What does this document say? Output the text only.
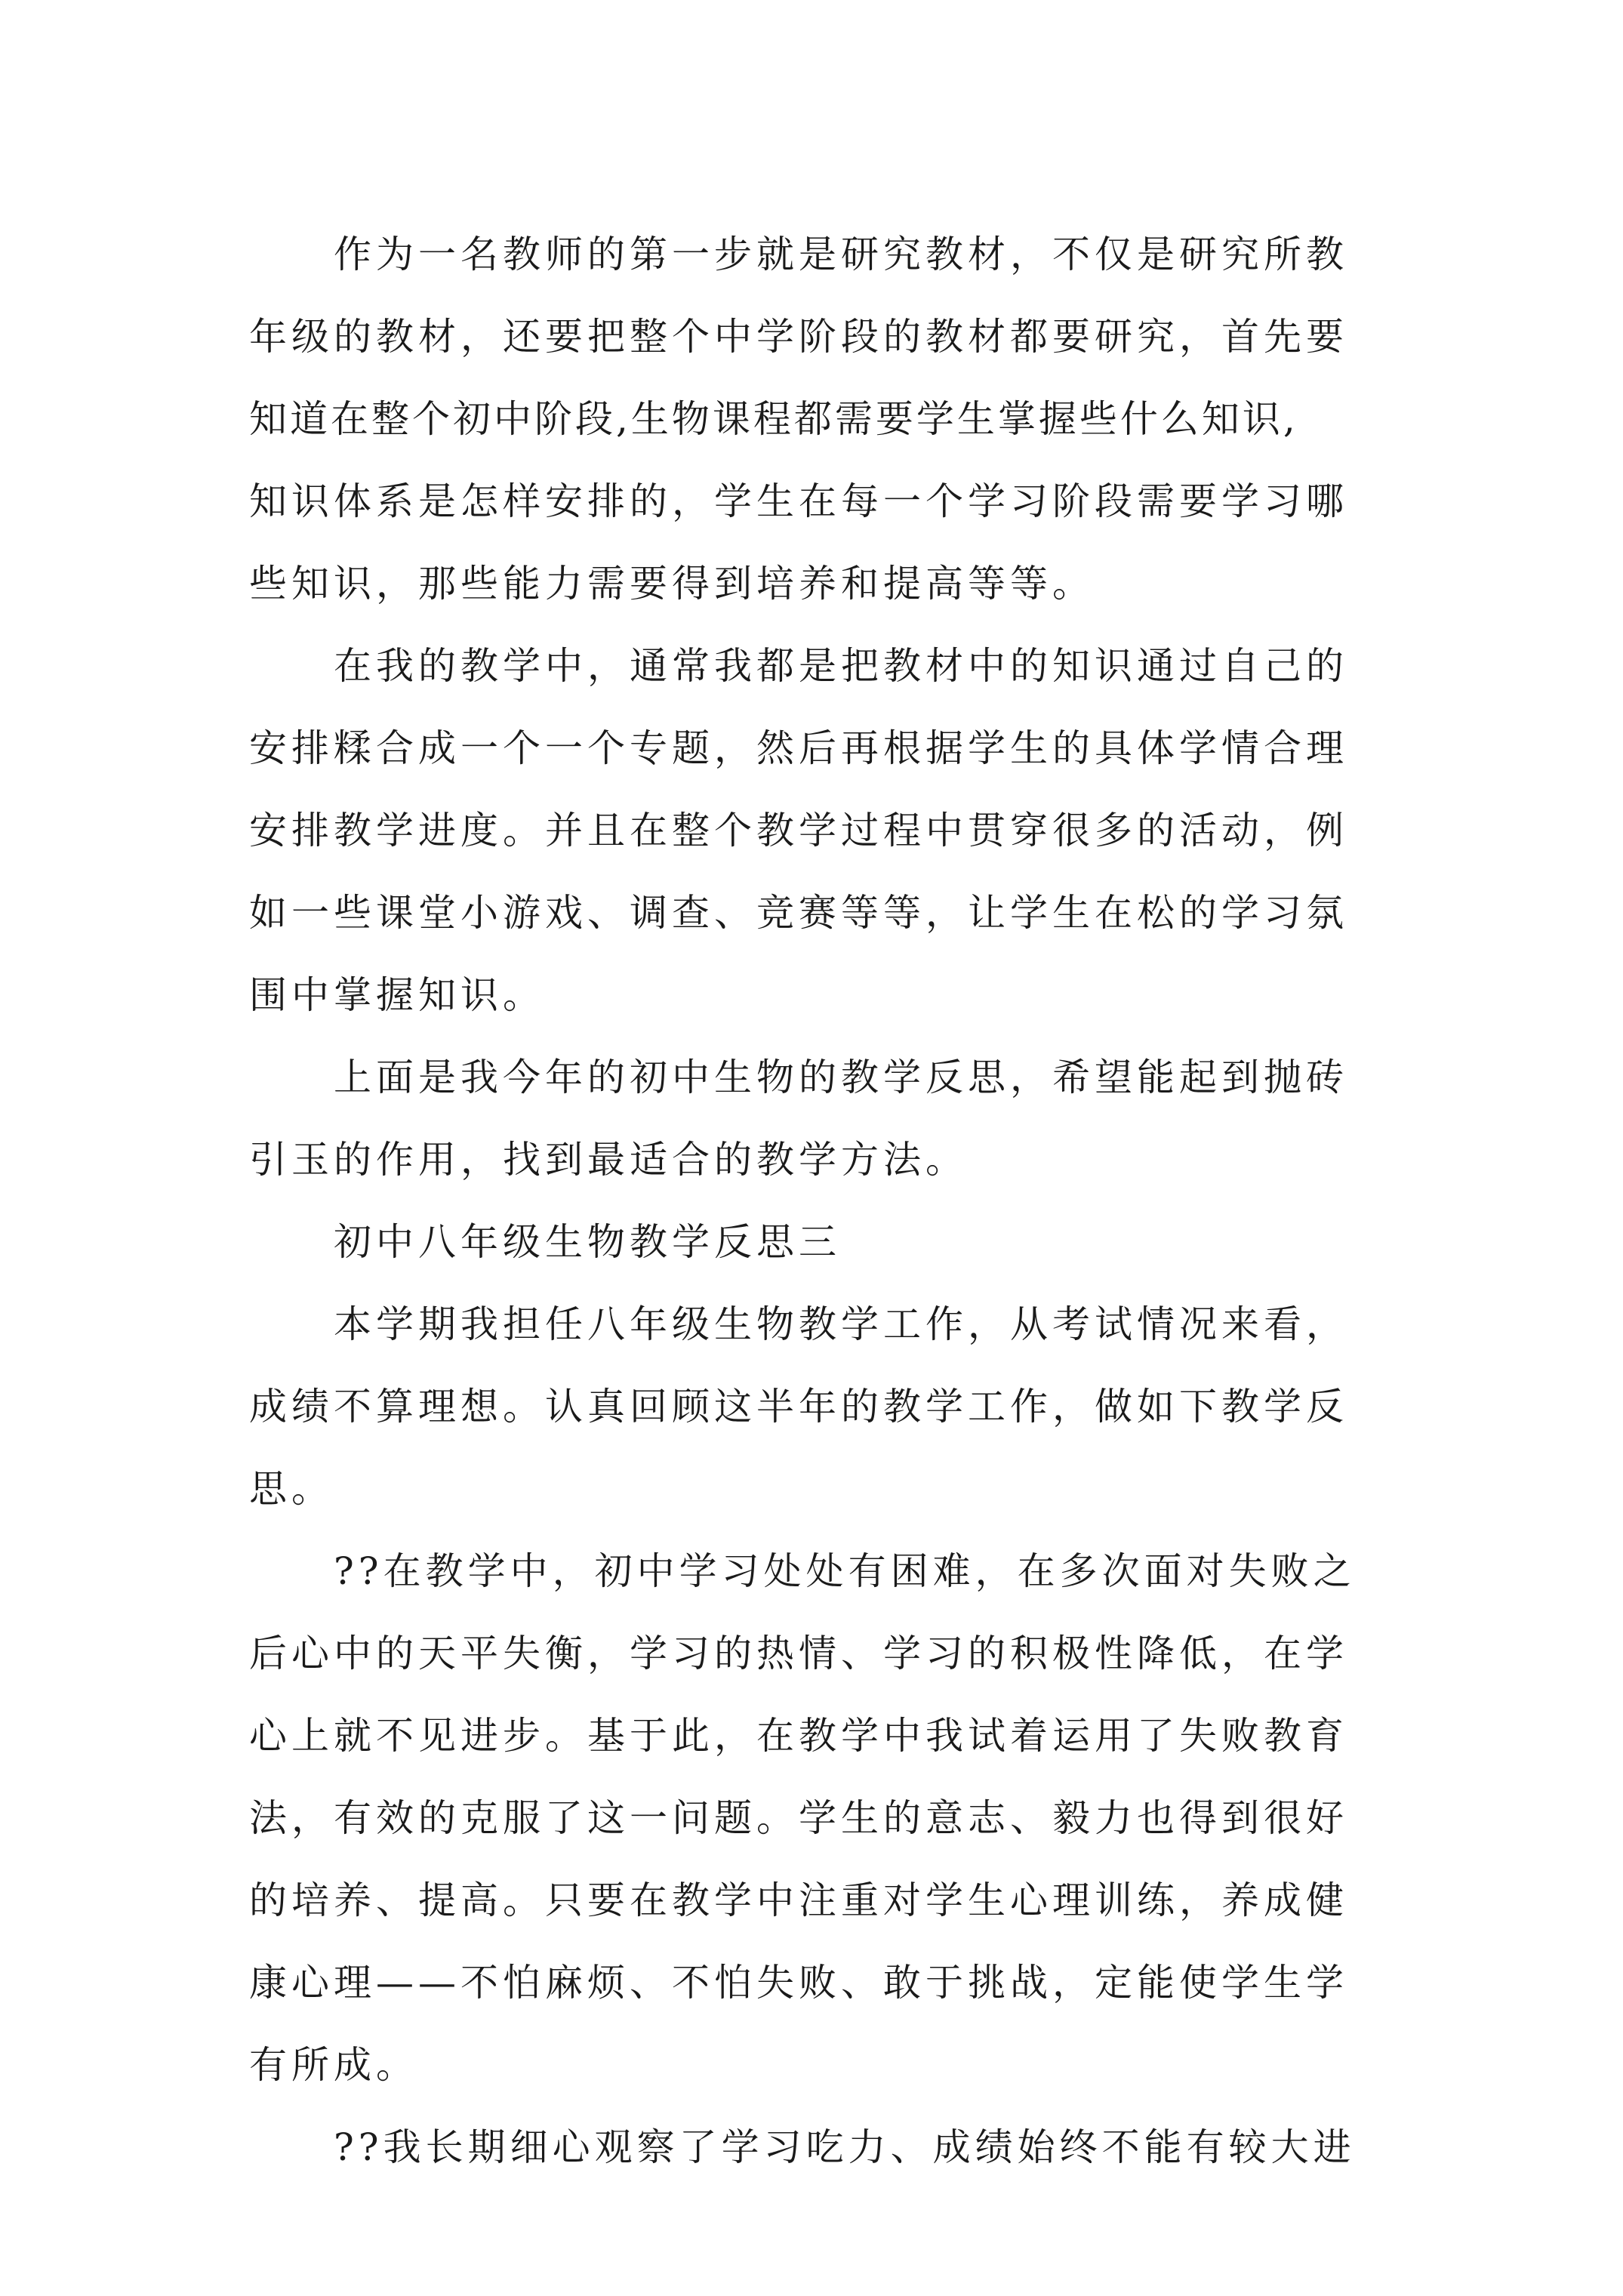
作为一名教师的第一步就是研究教材，不仅是研究所教
年级的教材，还要把整个中学阶段的教材都要研究，首先要
知道在整个初中阶段,生物课程都需要学生掌握些什么知识,
知识体系是怎样安排的，学生在每一个学习阶段需要学习哪
些知识，那些能力需要得到培养和提高等等。
在我的教学中，通常我都是把教材中的知识通过自己的
安排糅合成一个一个专题，然后再根据学生的具体学情合理
安排教学进度。并且在整个教学过程中贯穿很多的活动，例
如一些课堂小游戏、调查、竞赛等等，让学生在松的学习氛
围中掌握知识。
上面是我今年的初中生物的教学反思，希望能起到抛砖
引玉的作用，找到最适合的教学方法。
初中八年级生物教学反思三
本学期我担任八年级生物教学工作，从考试情况来看，
成绩不算理想。认真回顾这半年的教学工作，做如下教学反
思。
??在教学中，初中学习处处有困难，在多次面对失败之
后心中的天平失衡，学习的热情、学习的积极性降低，在学
心上就不见进步。基于此，在教学中我试着运用了失败教育
法，有效的克服了这一问题。学生的意志、毅力也得到很好
的培养、提高。只要在教学中注重对学生心理训练，养成健
康心理——不怕麻烦、不怕失败、敢于挑战，定能使学生学
有所成。
??我长期细心观察了学习吃力、成绩始终不能有较大进
